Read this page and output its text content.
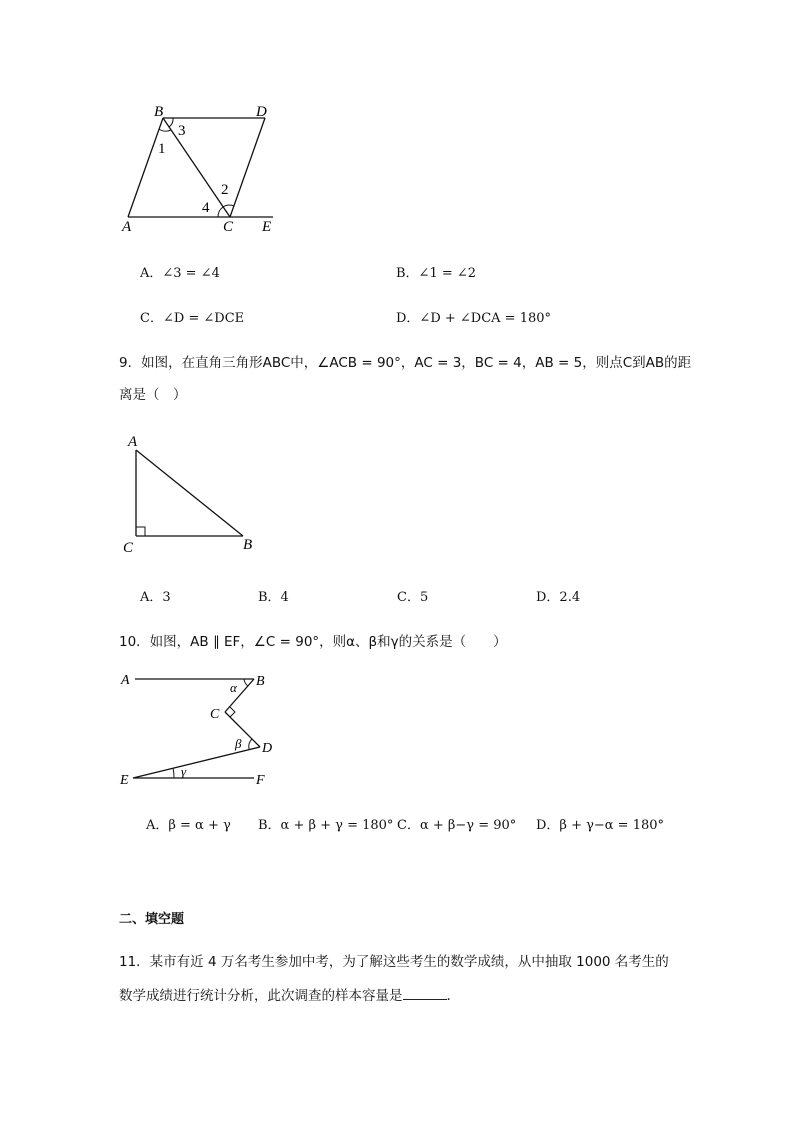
B	D
3
1
2
4
A	C E
A．∠3 = ∠4	B．∠1 = ∠2
C．∠D = ∠DCE	D．∠D + ∠DCA = 180°
9．如图，在直角三角形ABC中，∠ACB = 90°，AC = 3，BC = 4，AB = 5，则点C到AB的距
离是（　）
A
C	B
A．3	B．4	C．5	D．2.4
10．如图，AB ∥ EF，∠C = 90°，则α、β和γ的关系是（　　）
A	B
α
C
β D
γ
E	F
A．β = α + γ B．α + β + γ = 180° C．α + β−γ = 90° D．β + γ−α = 180°
二、填空题
11．某市有近 4 万名考生参加中考，为了解这些考生的数学成绩，从中抽取 1000 名考生的
数学成绩进行统计分析，此次调查的样本容量是	．
